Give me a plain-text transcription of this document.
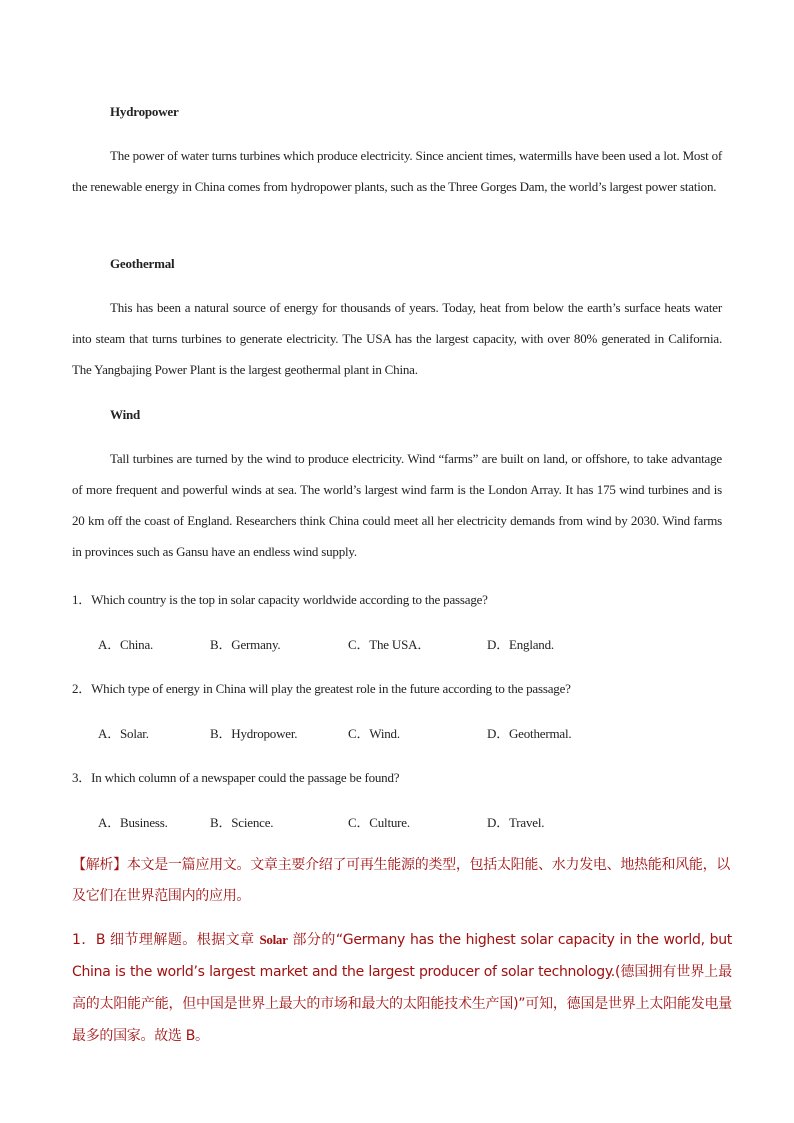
Hydropower
The power of water turns turbines which produce electricity. Since ancient times, watermills have been used a lot. Most of the renewable energy in China comes from hydropower plants, such as the Three Gorges Dam, the world’s largest power station.
Geothermal
This has been a natural source of energy for thousands of years. Today, heat from below the earth’s surface heats water into steam that turns turbines to generate electricity. The USA has the largest capacity, with over 80% generated in California. The Yangbajing Power Plant is the largest geothermal plant in China.
Wind
Tall turbines are turned by the wind to produce electricity. Wind “farms” are built on land, or offshore, to take advantage of more frequent and powerful winds at sea. The world’s largest wind farm is the London Array. It has 175 wind turbines and is 20 km off the coast of England. Researchers think China could meet all her electricity demands from wind by 2030. Wind farms in provinces such as Gansu have an endless wind supply.
1．Which country is the top in solar capacity worldwide according to the passage?
A．China.	B．Germany.	C．The USA．	D．England.
2．Which type of energy in China will play the greatest role in the future according to the passage?
A．Solar.	B．Hydropower.	C．Wind.	D．Geothermal.
3．In which column of a newspaper could the passage be found?
A．Business.	B．Science.	C．Culture.	D．Travel.
【解析】本文是一篇应用文。文章主要介绍了可再生能源的类型，包括太阳能、水力发电、地热能和风能，以及它们在世界范围内的应用。
1．B 细节理解题。根据文章 Solar 部分的“Germany has the highest solar capacity in the world, but China is the world’s largest market and the largest producer of solar technology.(德国拥有世界上最高的太阳能产能，但中国是世界上最大的市场和最大的太阳能技术生产国)”可知，德国是世界上太阳能发电量最多的国家。故选 B。
